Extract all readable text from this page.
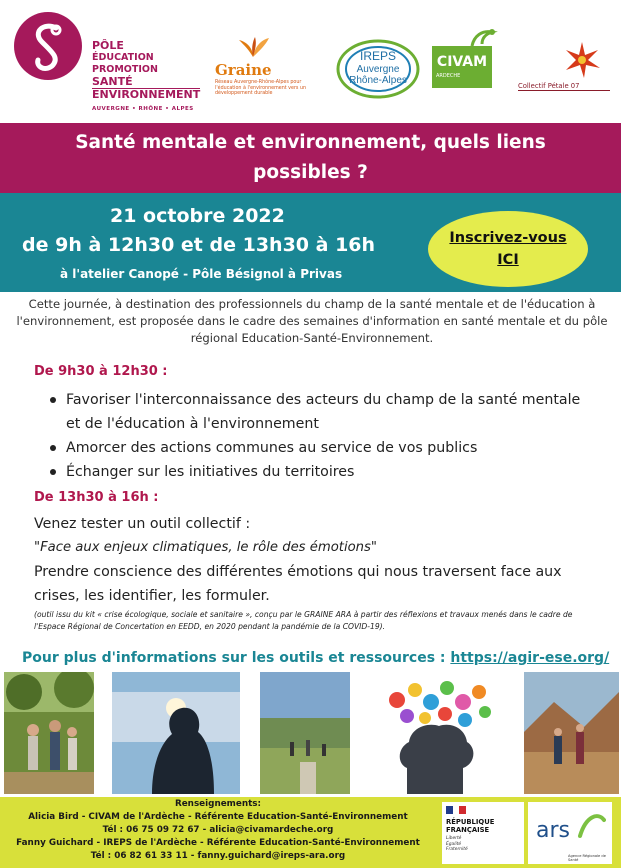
PÔLE
ÉDUCATION
PROMOTION
SANTÉ
ENVIRONNEMENT
AUVERGNE • RHÔNE • ALPES
Graine
Réseau Auvergne-Rhône-Alpes pour l'éducation à l'environnement vers un développement durable
IREPS
Auvergne
Rhône-Alpes
CIVAM
ARDECHE
Collectif Pétale 07
Santé mentale et environnement, quels liens
possibles ?
21 octobre 2022
de 9h à 12h30 et de 13h30 à 16h
à l'atelier Canopé - Pôle Bésignol à Privas
Inscrivez-vous
ICI
Cette journée, à destination des professionnels du champ de la santé mentale et de l'éducation à l'environnement, est proposée dans le cadre des semaines d'information en santé mentale et du pôle régional Education-Santé-Environnement.
De 9h30 à 12h30 :
Favoriser l'interconnaissance des acteurs du champ de la santé mentale et de l'éducation à l'environnement
Amorcer des actions communes au service de vos publics
Échanger sur les initiatives du territoires
De 13h30 à 16h :
Venez tester un outil collectif :
"Face aux enjeux climatiques, le rôle des émotions"
Prendre conscience des différentes émotions qui nous traversent face aux crises, les identifier, les formuler.
(outil issu du kit « crise écologique, sociale et sanitaire », conçu par le GRAINE ARA à partir des réflexions et travaux menés dans le cadre de l'Espace Régional de Concertation en EEDD, en 2020 pendant la pandémie de la COVID-19).
Pour plus d'informations sur les outils et ressources : https://agir-ese.org/
Renseignements:
Alicia Bird - CIVAM de l'Ardèche - Référente Education-Santé-Environnement
Tél : 06 75 09 72 67 - alicia@civamardeche.org
Fanny Guichard - IREPS de l'Ardèche - Référente Education-Santé-Environnement
Tél : 06 82 61 33 11 - fanny.guichard@ireps-ara.org
RÉPUBLIQUE
FRANÇAISE
Liberté
Égalité
Fraternité
ars
Agence Régionale de Santé
